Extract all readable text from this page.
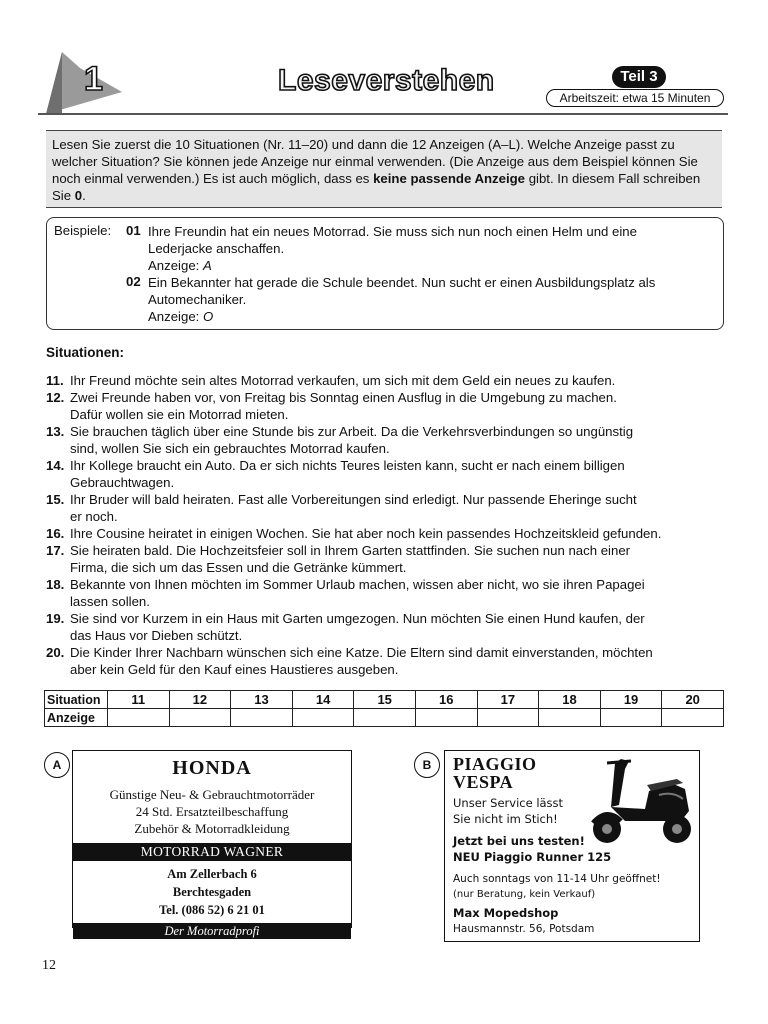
1	Leseverstehen	Teil 3
Arbeitszeit: etwa 15 Minuten
Lesen Sie zuerst die 10 Situationen (Nr. 11–20) und dann die 12 Anzeigen (A–L). Welche Anzeige passt zu welcher Situation? Sie können jede Anzeige nur einmal verwenden. (Die Anzeige aus dem Beispiel können Sie noch einmal verwenden.) Es ist auch möglich, dass es keine passende Anzeige gibt. In diesem Fall schreiben Sie 0.
Beispiele: 01 Ihre Freundin hat ein neues Motorrad. Sie muss sich nun noch einen Helm und eine
Lederjacke anschaffen.
Anzeige: A
02 Ein Bekannter hat gerade die Schule beendet. Nun sucht er einen Ausbildungsplatz als
Automechaniker.
Anzeige: O
Situationen:
11. Ihr Freund möchte sein altes Motorrad verkaufen, um sich mit dem Geld ein neues zu kaufen.
12. Zwei Freunde haben vor, von Freitag bis Sonntag einen Ausflug in die Umgebung zu machen.
Dafür wollen sie ein Motorrad mieten.
13. Sie brauchen täglich über eine Stunde bis zur Arbeit. Da die Verkehrsverbindungen so ungünstig
sind, wollen Sie sich ein gebrauchtes Motorrad kaufen.
14. Ihr Kollege braucht ein Auto. Da er sich nichts Teures leisten kann, sucht er nach einem billigen
Gebrauchtwagen.
15. Ihr Bruder will bald heiraten. Fast alle Vorbereitungen sind erledigt. Nur passende Eheringe sucht
er noch.
16. Ihre Cousine heiratet in einigen Wochen. Sie hat aber noch kein passendes Hochzeitskleid gefunden.
17. Sie heiraten bald. Die Hochzeitsfeier soll in Ihrem Garten stattfinden. Sie suchen nun nach einer
Firma, die sich um das Essen und die Getränke kümmert.
18. Bekannte von Ihnen möchten im Sommer Urlaub machen, wissen aber nicht, wo sie ihren Papagei
lassen sollen.
19. Sie sind vor Kurzem in ein Haus mit Garten umgezogen. Nun möchten Sie einen Hund kaufen, der
das Haus vor Dieben schützt.
20. Die Kinder Ihrer Nachbarn wünschen sich eine Katze. Die Eltern sind damit einverstanden, möchten
aber kein Geld für den Kauf eines Haustieres ausgeben.
Situation	11	12	13	14	15	16	17	18	19	20
Anzeige										
A	HONDA
Günstige Neu- & Gebrauchtmotorräder
24 Std. Ersatzteilbeschaffung
Zubehör & Motorradkleidung
MOTORRAD WAGNER
Am Zellerbach 6
Berchtesgaden
Tel. (086 52) 6 21 01
Der Motorradprofi
B	PIAGGIO
VESPA
Unser Service lässt
Sie nicht im Stich!
Jetzt bei uns testen!
NEU Piaggio Runner 125
Auch sonntags von 11-14 Uhr geöffnet!
(nur Beratung, kein Verkauf)
Max Mopedshop
Hausmannstr. 56, Potsdam
12
